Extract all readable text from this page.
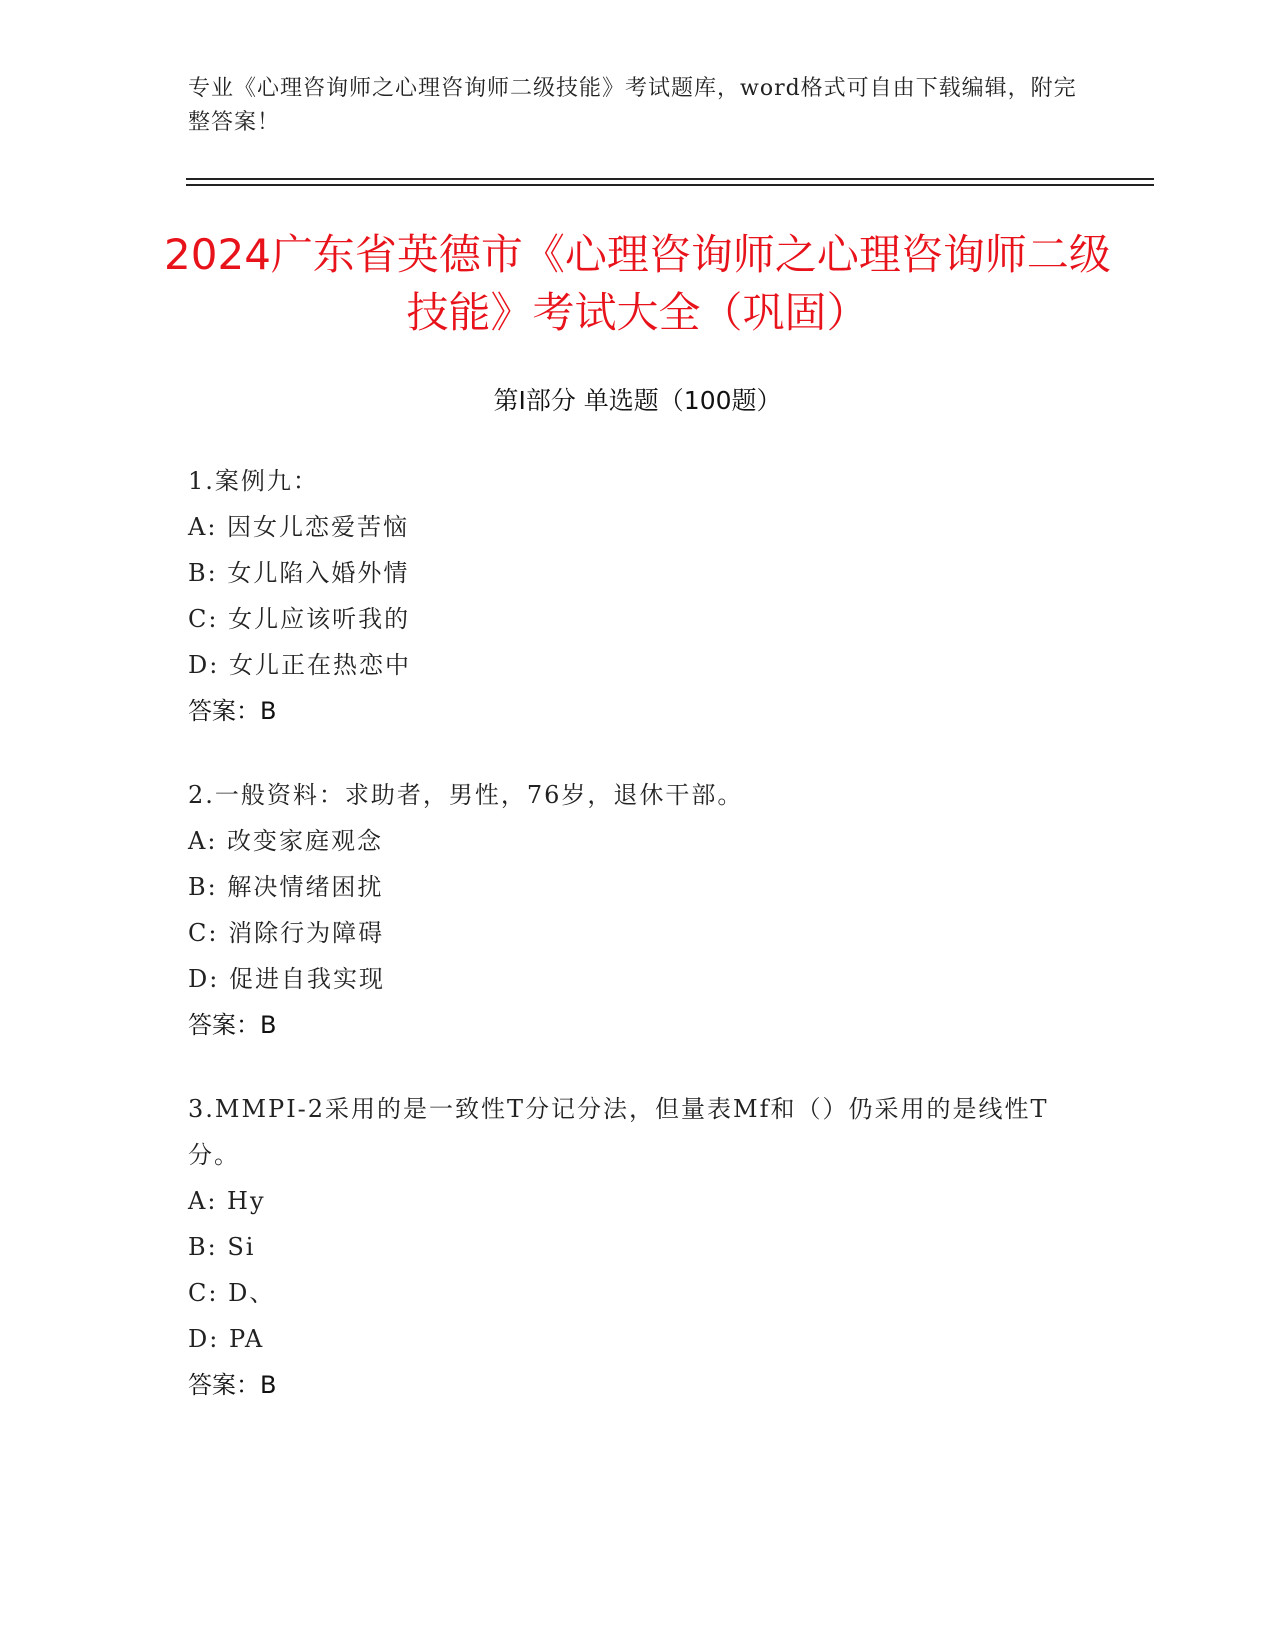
专业《心理咨询师之心理咨询师二级技能》考试题库，word格式可自由下载编辑，附完整答案！
2024广东省英德市《心理咨询师之心理咨询师二级技能》考试大全（巩固）
第I部分 单选题（100题）

1.案例九：

A: 因女儿恋爱苦恼

B: 女儿陷入婚外情

C: 女儿应该听我的

D: 女儿正在热恋中

答案：B

2.一般资料：求助者，男性，76岁，退休干部。

A: 改变家庭观念

B: 解决情绪困扰

C: 消除行为障碍

D: 促进自我实现

答案：B

3.MMPI-2采用的是一致性T分记分法，但量表Mf和（）仍采用的是线性T分。

A: Hy

B: Si

C: D、

D: PA

答案：B
